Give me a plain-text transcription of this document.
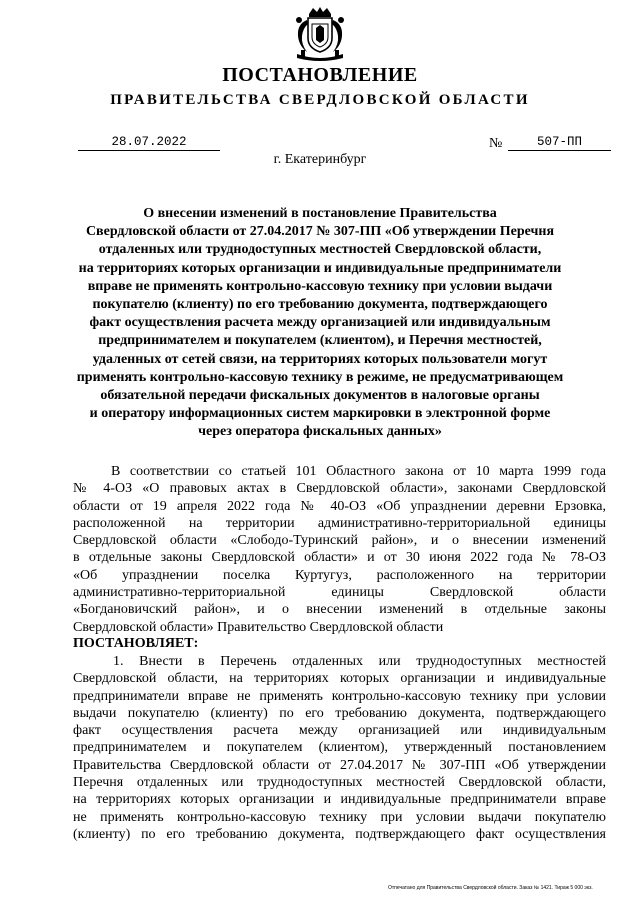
ПОСТАНОВЛЕНИЕ
ПРАВИТЕЛЬСТВА СВЕРДЛОВСКОЙ ОБЛАСТИ
28.07.2022	№	507-ПП
г. Екатеринбург
О внесении изменений в постановление Правительства
Свердловской области от 27.04.2017 № 307-ПП «Об утверждении Перечня
отдаленных или труднодоступных местностей Свердловской области,
на территориях которых организации и индивидуальные предприниматели
вправе не применять контрольно-кассовую технику при условии выдачи
покупателю (клиенту) по его требованию документа, подтверждающего
факт осуществления расчета между организацией или индивидуальным
предпринимателем и покупателем (клиентом), и Перечня местностей,
удаленных от сетей связи, на территориях которых пользователи могут
применять контрольно-кассовую технику в режиме, не предусматривающем
обязательной передачи фискальных документов в налоговые органы
и оператору информационных систем маркировки в электронной форме
через оператора фискальных данных»
В соответствии со статьей 101 Областного закона от 10 марта 1999 года
№ 4-ОЗ «О правовых актах в Свердловской области», законами Свердловской
области от 19 апреля 2022 года № 40-ОЗ «Об упразднении деревни Ерзовка,
расположенной на территории административно-территориальной единицы
Свердловской области «Слободо-Туринский район», и о внесении изменений
в отдельные законы Свердловской области» и от 30 июня 2022 года № 78-ОЗ
«Об упразднении поселка Куртугуз, расположенного на территории
административно-территориальной единицы Свердловской области
«Богдановичский район», и о внесении изменений в отдельные законы
Свердловской области» Правительство Свердловской области
ПОСТАНОВЛЯЕТ:
1. Внести в Перечень отдаленных или труднодоступных местностей
Свердловской области, на территориях которых организации и индивидуальные
предприниматели вправе не применять контрольно-кассовую технику при условии
выдачи покупателю (клиенту) по его требованию документа, подтверждающего
факт осуществления расчета между организацией или индивидуальным
предпринимателем и покупателем (клиентом), утвержденный постановлением
Правительства Свердловской области от 27.04.2017 № 307-ПП «Об утверждении
Перечня отдаленных или труднодоступных местностей Свердловской области,
на территориях которых организации и индивидуальные предприниматели вправе
не применять контрольно-кассовую технику при условии выдачи покупателю
(клиенту) по его требованию документа, подтверждающего факт осуществления
Отпечатано для Правительства Свердловской области. Заказ № 1421. Тираж 5 000 экз.
